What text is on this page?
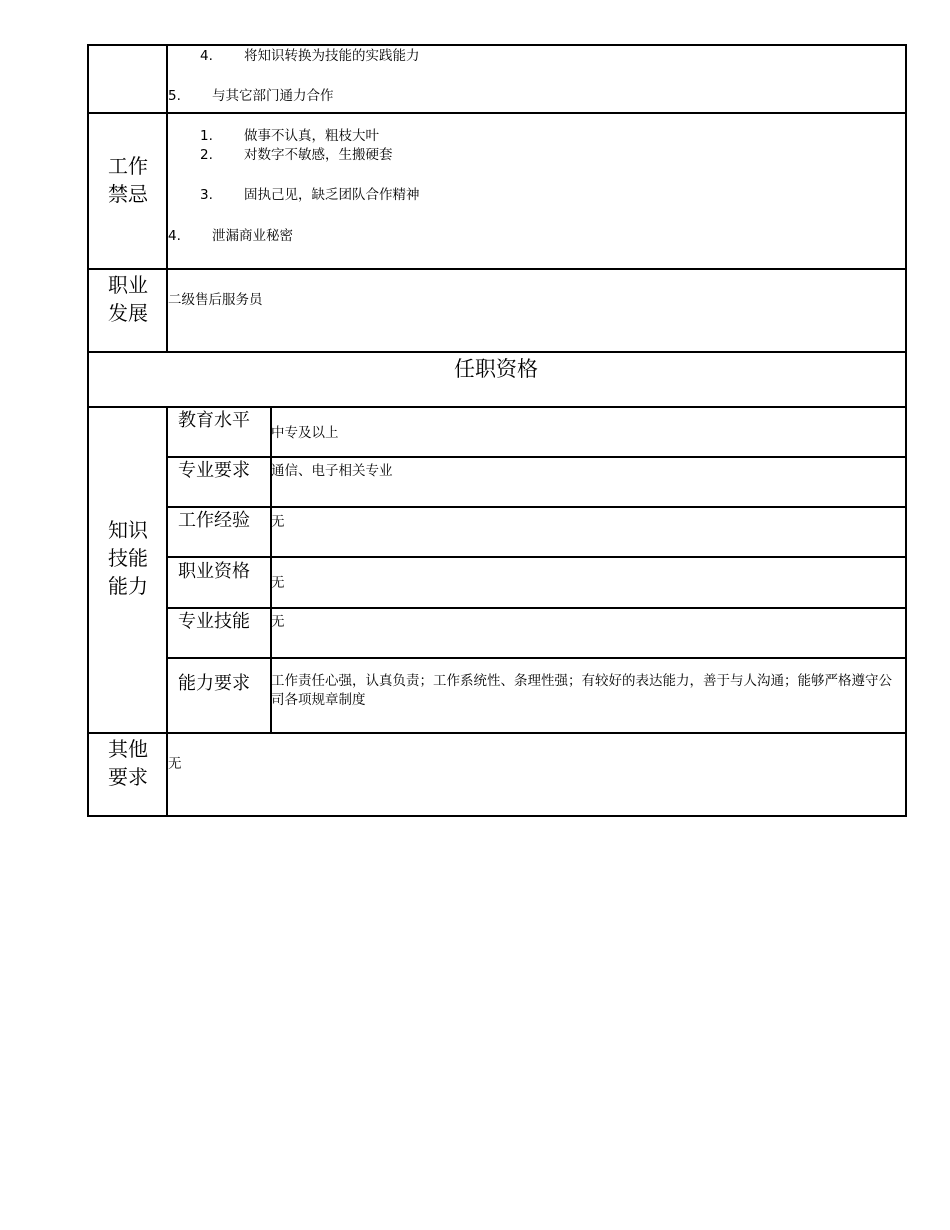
4. 将知识转换为技能的实践能力
5. 与其它部门通力合作
工作
禁忌
1. 做事不认真，粗枝大叶
2. 对数字不敏感，生搬硬套
3. 固执己见，缺乏团队合作精神
4. 泄漏商业秘密
职业
发展
二级售后服务员
任职资格
知识
技能
能力
教育水平
中专及以上
专业要求 通信、电子相关专业
工作经验 无
职业资格
无
专业技能 无
能力要求 工作责任心强，认真负责；工作系统性、条理性强；有较好的表达能力，善于与人沟通；能够严格遵守公司各项规章制度
其他
要求
无
